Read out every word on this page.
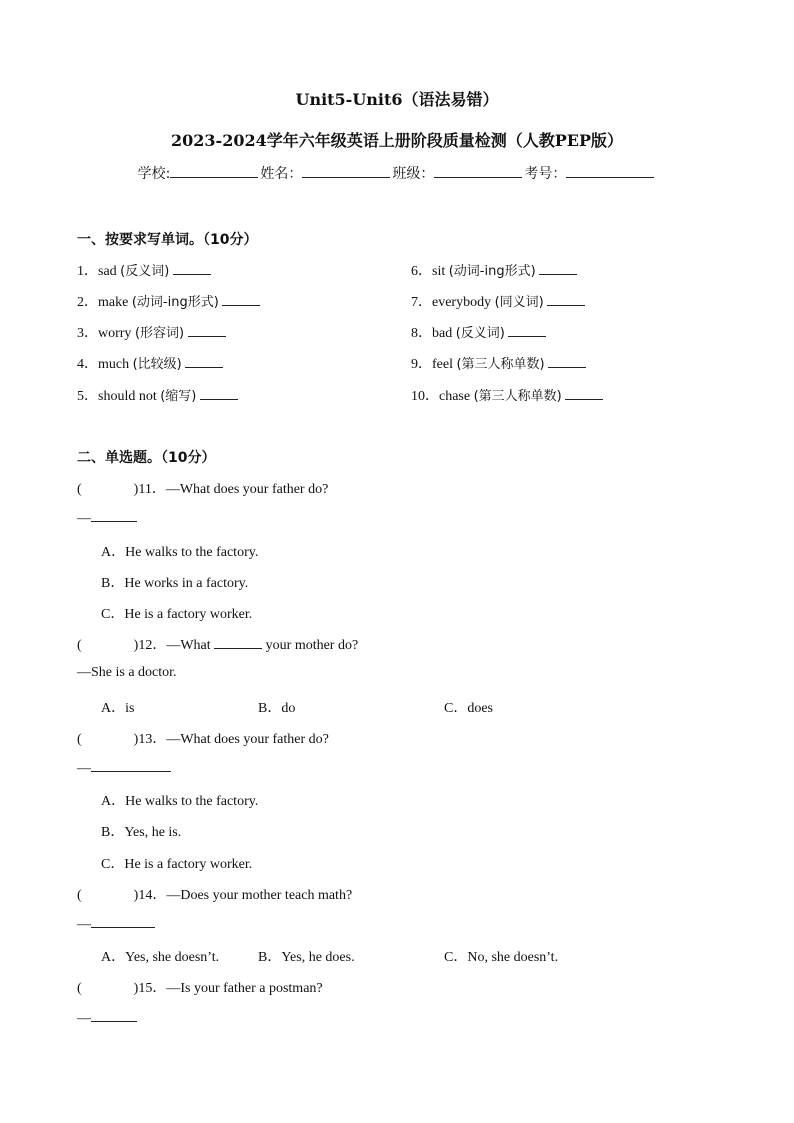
Unit5-Unit6（语法易错）
2023-2024学年六年级英语上册阶段质量检测（人教PEP版）
学校:	姓名：	班级：	考号：
一、按要求写单词。（10分）
1．sad (反义词)
2．make (动词-ing形式)
3．worry (形容词)
4．much (比较级)
5．should not (缩写)
6．sit (动词-ing形式)
7．everybody (同义词)
8．bad (反义词)
9．feel (第三人称单数)
10．chase (第三人称单数)
二、单选题。（10分）
(	)11．—What does your father do?
—
A．He walks to the factory.
B．He works in a factory.
C．He is a factory worker.
(	)12．—What	your mother do?
—She is a doctor.
A．is	B．do	C．does
(	)13．—What does your father do?
—
A．He walks to the factory.
B．Yes, he is.
C．He is a factory worker.
(	)14．—Does your mother teach math?
—
A．Yes, she doesn’t.	B．Yes, he does.	C．No, she doesn’t.
(	)15．—Is your father a postman?
—
